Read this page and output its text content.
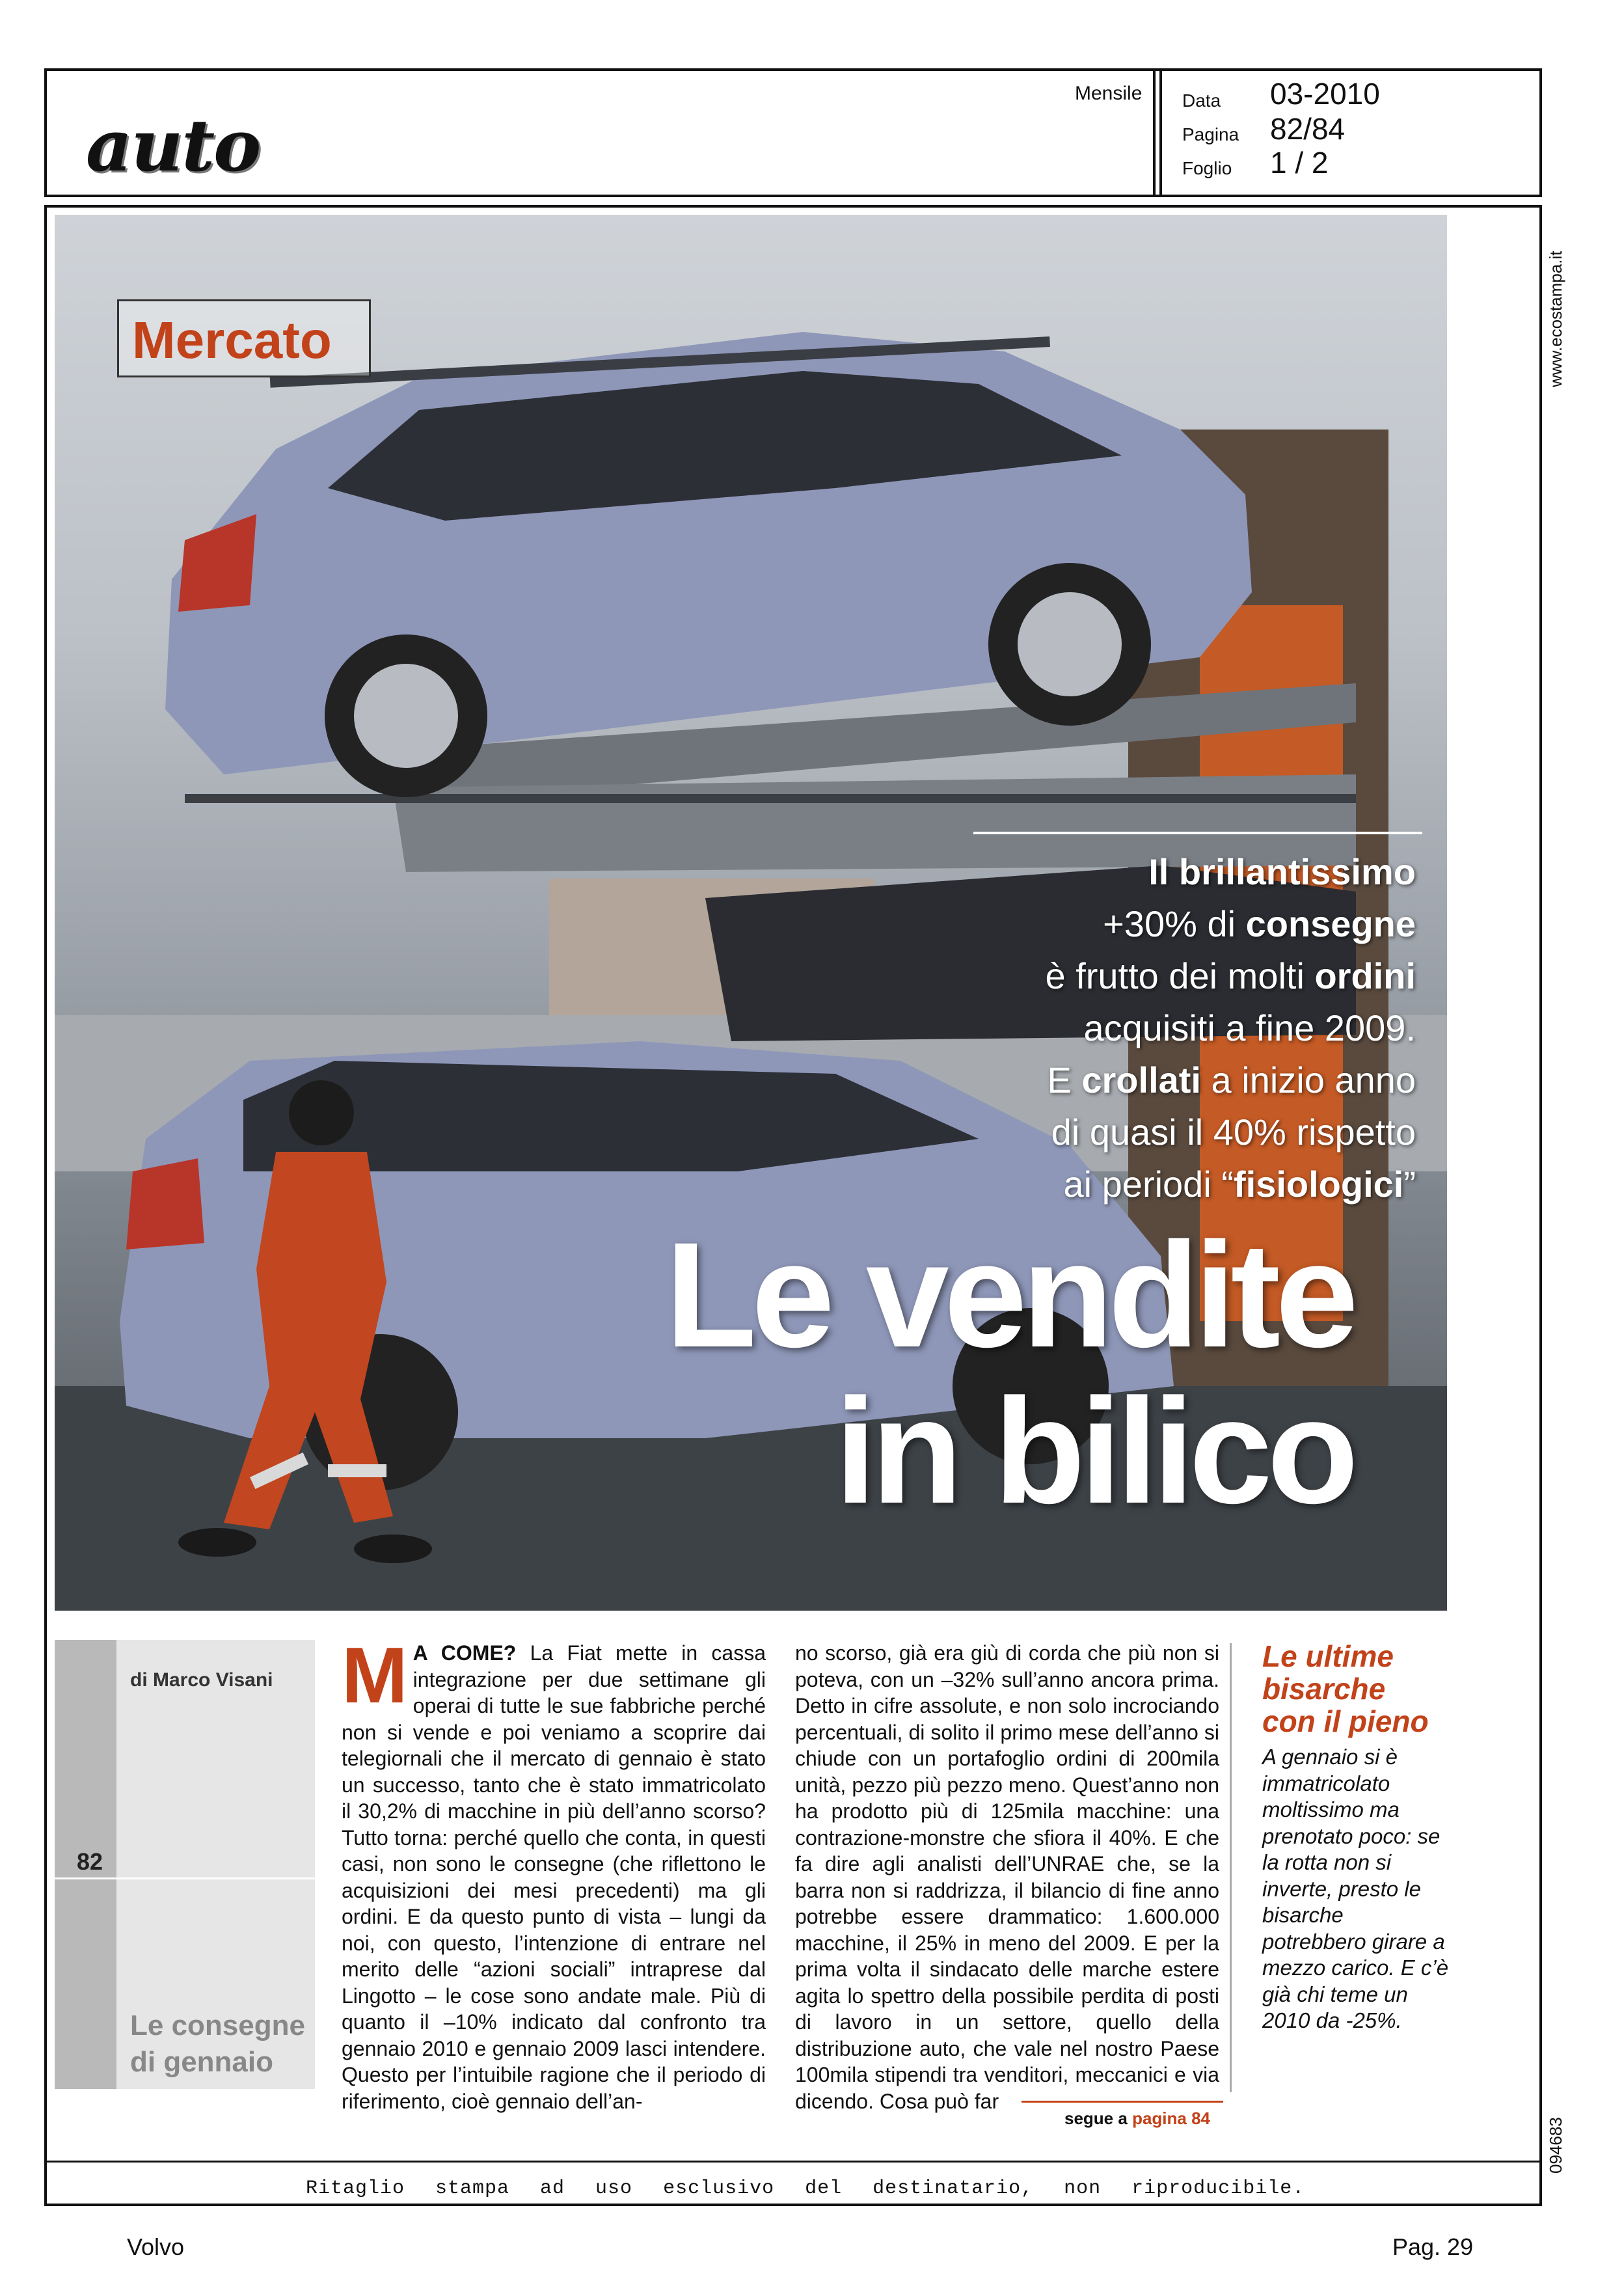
auto
Mensile Data 03-2010
Pagina 82/84
Foglio 1 / 2
www.ecostampa.it
094683
Mercato
Il brillantissimo
+30% di consegne
è frutto dei molti ordini
acquisiti a fine 2009.
E crollati a inizio anno
di quasi il 40% rispetto
ai periodi “fisiologici”
Le vendite
in bilico
di Marco Visani
82
Le consegne
di gennaio
M A COME? La Fiat mette in cassa integrazione per due settimane gli operai di tutte le sue fabbriche perché non si vende e poi veniamo a scoprire dai telegiornali che il mercato di gennaio è stato un successo, tanto che è stato immatricolato il 30,2% di macchine in più dell’anno scorso? Tutto torna: perché quello che conta, in questi casi, non sono le consegne (che riflettono le acquisizioni dei mesi precedenti) ma gli ordini. E da questo punto di vista – lungi da noi, con questo, l’intenzione di entrare nel merito delle “azioni sociali” intraprese dal Lingotto – le cose sono andate male. Più di quanto il –10% indicato dal confronto tra gennaio 2010 e gennaio 2009 lasci intendere. Questo per l’intuibile ragione che il periodo di riferimento, cioè gennaio dell’an-
no scorso, già era giù di corda che più non si poteva, con un –32% sull’anno ancora prima. Detto in cifre assolute, e non solo incrociando percentuali, di solito il primo mese dell’anno si chiude con un portafoglio ordini di 200mila unità, pezzo più pezzo meno. Quest’anno non ha prodotto più di 125mila macchine: una contrazione-monstre che sfiora il 40%. E che fa dire agli analisti dell’UNRAE che, se la barra non si raddrizza, il bilancio di fine anno potrebbe essere drammatico: 1.600.000 macchine, il 25% in meno del 2009. E per la prima volta il sindacato delle marche estere agita lo spettro della possibile perdita di posti di lavoro in un settore, quello della distribuzione auto, che vale nel nostro Paese 100mila stipendi tra venditori, meccanici e via dicendo. Cosa può far
Le ultime bisarche con il pieno
A gennaio si è immatricolato moltissimo ma prenotato poco: se la rotta non si inverte, presto le bisarche potrebbero girare a mezzo carico. E c’è già chi teme un 2010 da -25%.
segue a pagina 84
Ritaglio stampa ad uso esclusivo del destinatario, non riproducibile.
Volvo	Pag. 29
